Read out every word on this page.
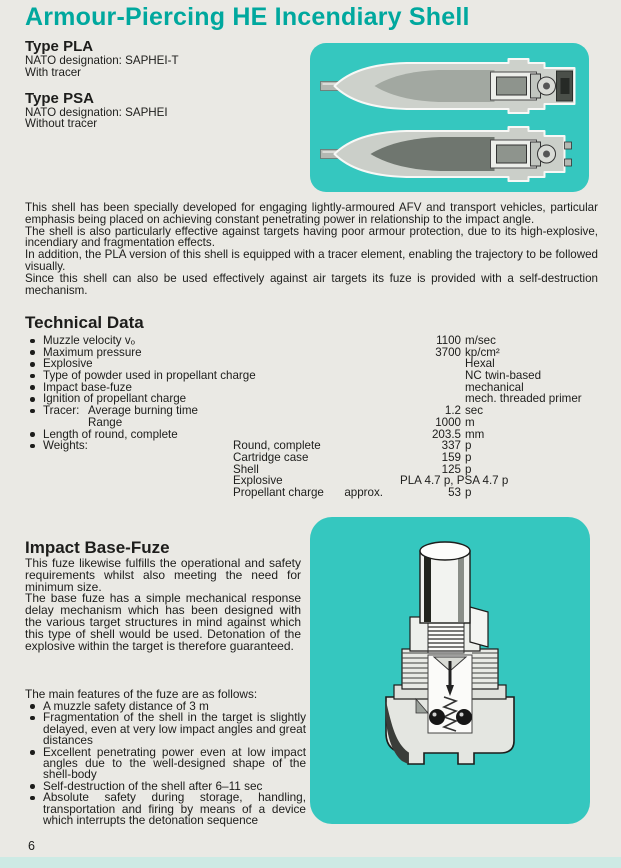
Armour-Piercing HE Incendiary Shell
Type PLA
NATO designation: SAPHEI-T
With tracer
Type PSA
NATO designation: SAPHEI
Without tracer

This shell has been specially developed for engaging lightly-armoured AFV and transport vehicles, particular emphasis being placed on achieving constant penetrating power in relationship to the impact angle.

The shell is also particularly effective against targets having poor armour protection, due to its high-explosive, incendiary and fragmentation effects.

In addition, the PLA version of this shell is equipped with a tracer element, enabling the trajectory to be followed visually.

Since this shell can also be used effectively against air targets its fuze is provided with a self-destruction mechanism.

Technical Data
Muzzle velocity vₒ	1100 m/sec
Maximum pressure	3700 kp/cm²
Explosive	Hexal
Type of powder used in propellant charge	NC twin-based
Impact base-fuze	mechanical
Ignition of propellant charge	mech. threaded primer
Tracer: Average burning time	1.2 sec
Range	1000 m
Length of round, complete	203.5 mm
Weights:	Round, complete	337 p
Cartridge case	159 p
Shell	125 p
Explosive	PLA 4.7 p, PSA 4.7 p
Propellant charge	approx.	53 p
Impact Base-Fuze

This fuze likewise fulfills the operational and safety requirements whilst also meeting the need for minimum size.

The base fuze has a simple mechanical response delay mechanism which has been designed with the various target structures in mind against which this type of shell would be used. Detonation of the explosive within the target is therefore guaranteed.

The main features of the fuze are as follows:

A muzzle safety distance of 3 m
Fragmentation of the shell in the target is slightly delayed, even at very low impact angles and great distances
Excellent penetrating power even at low impact angles due to the well-designed shape of the shell-body
Self-destruction of the shell after 6–11 sec
Absolute safety during storage, handling, transportation and firing by means of a device which interrupts the detonation sequence
6
